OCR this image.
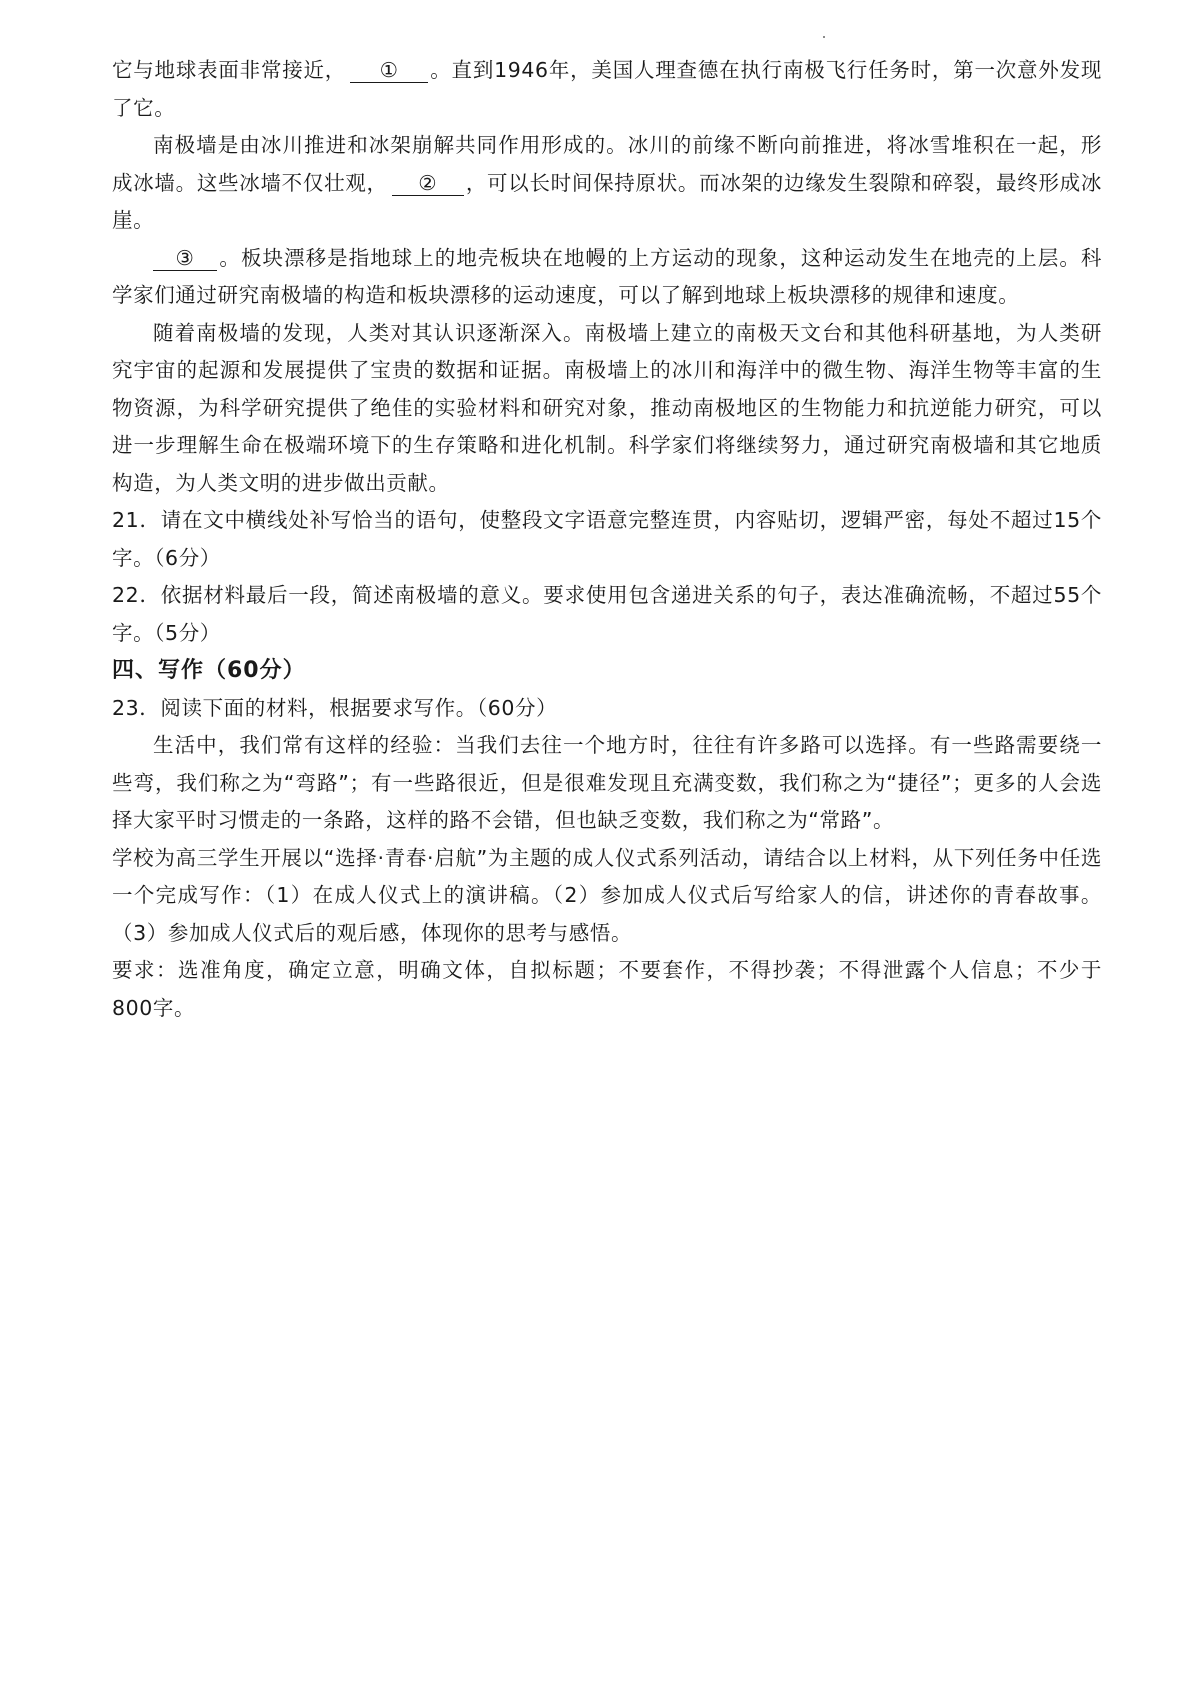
它与地球表面非常接近， ① 。直到1946年，美国人理查德在执行南极飞行任务时，第一次意外发现了它。

南极墙是由冰川推进和冰架崩解共同作用形成的。冰川的前缘不断向前推进，将冰雪堆积在一起，形成冰墙。这些冰墙不仅壮观， ② ，可以长时间保持原状。而冰架的边缘发生裂隙和碎裂，最终形成冰崖。

③ 。板块漂移是指地球上的地壳板块在地幔的上方运动的现象，这种运动发生在地壳的上层。科学家们通过研究南极墙的构造和板块漂移的运动速度，可以了解到地球上板块漂移的规律和速度。

随着南极墙的发现，人类对其认识逐渐深入。南极墙上建立的南极天文台和其他科研基地，为人类研究宇宙的起源和发展提供了宝贵的数据和证据。南极墙上的冰川和海洋中的微生物、海洋生物等丰富的生物资源，为科学研究提供了绝佳的实验材料和研究对象，推动南极地区的生物能力和抗逆能力研究，可以进一步理解生命在极端环境下的生存策略和进化机制。科学家们将继续努力，通过研究南极墙和其它地质构造，为人类文明的进步做出贡献。

21．请在文中横线处补写恰当的语句，使整段文字语意完整连贯，内容贴切，逻辑严密，每处不超过15个字。（6分）

22．依据材料最后一段，简述南极墙的意义。要求使用包含递进关系的句子，表达准确流畅，不超过55个字。（5分）

四、写作（60分）

23．阅读下面的材料，根据要求写作。（60分）

生活中，我们常有这样的经验：当我们去往一个地方时，往往有许多路可以选择。有一些路需要绕一些弯，我们称之为“弯路”；有一些路很近，但是很难发现且充满变数，我们称之为“捷径”；更多的人会选择大家平时习惯走的一条路，这样的路不会错，但也缺乏变数，我们称之为“常路”。

学校为高三学生开展以“选择·青春·启航”为主题的成人仪式系列活动，请结合以上材料，从下列任务中任选一个完成写作：（1）在成人仪式上的演讲稿。（2）参加成人仪式后写给家人的信，讲述你的青春故事。（3）参加成人仪式后的观后感，体现你的思考与感悟。

要求：选准角度，确定立意，明确文体，自拟标题；不要套作，不得抄袭；不得泄露个人信息；不少于800字。
